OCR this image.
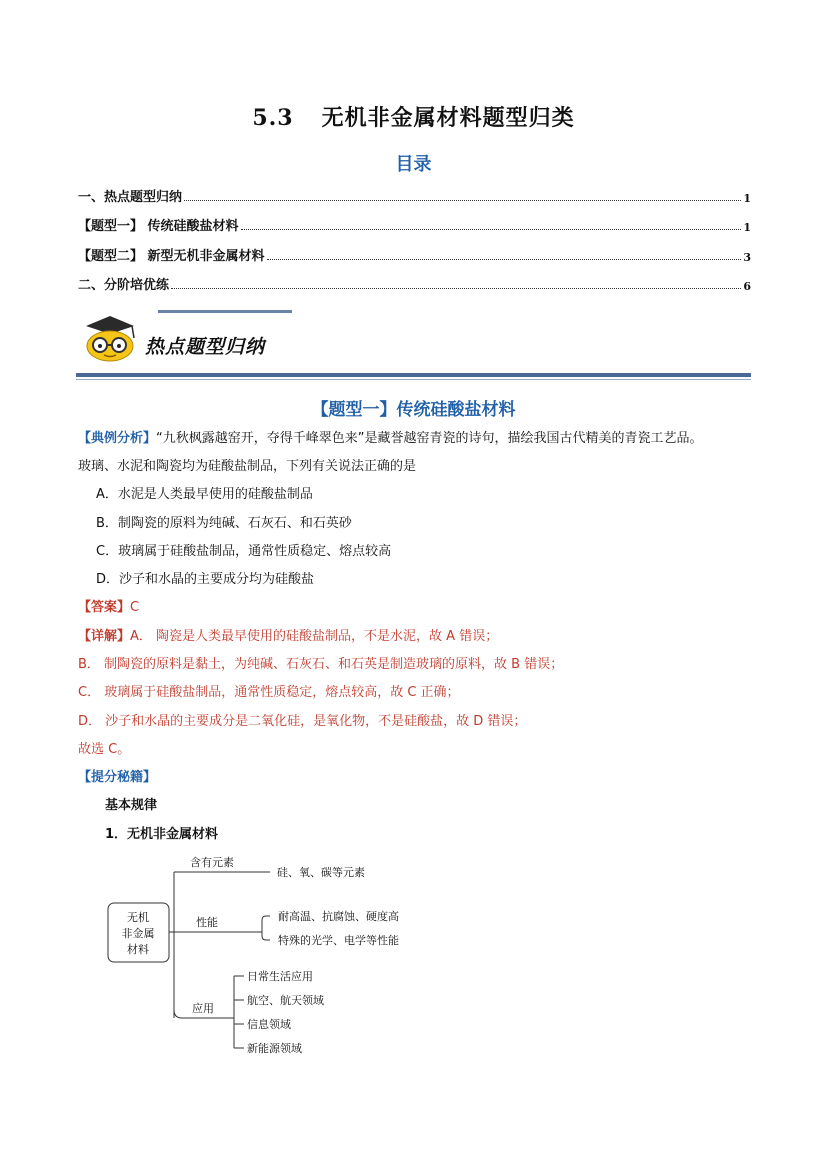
5.3 无机非金属材料题型归类
目录
一、热点题型归纳	1
【题型一】 传统硅酸盐材料	1
【题型二】 新型无机非金属材料	3
二、分阶培优练	6
热点题型归纳
【题型一】传统硅酸盐材料
【典例分析】“九秋枫露越窑开，夺得千峰翠色来”是藏誉越窑青瓷的诗句，描绘我国古代精美的青瓷工艺品。
玻璃、水泥和陶瓷均为硅酸盐制品，下列有关说法正确的是
A．水泥是人类最早使用的硅酸盐制品
B．制陶瓷的原料为纯碱、石灰石、和石英砂
C．玻璃属于硅酸盐制品，通常性质稳定、熔点较高
D．沙子和水晶的主要成分均为硅酸盐
【答案】C
【详解】A． 陶瓷是人类最早使用的硅酸盐制品，不是水泥，故 A 错误；
B． 制陶瓷的原料是黏土，为纯碱、石灰石、和石英是制造玻璃的原料，故 B 错误；
C． 玻璃属于硅酸盐制品，通常性质稳定，熔点较高，故 C 正确；
D． 沙子和水晶的主要成分是二氧化硅，是氧化物，不是硅酸盐，故 D 错误；
故选 C。
【提分秘籍】
基本规律
1．无机非金属材料
无机
非金属
材料
含有元素
硅、氧、碳等元素
性能	耐高温、抗腐蚀、硬度高
特殊的光学、电学等性能
应用
日常生活应用
航空、航天领域
信息领域
新能源领域
